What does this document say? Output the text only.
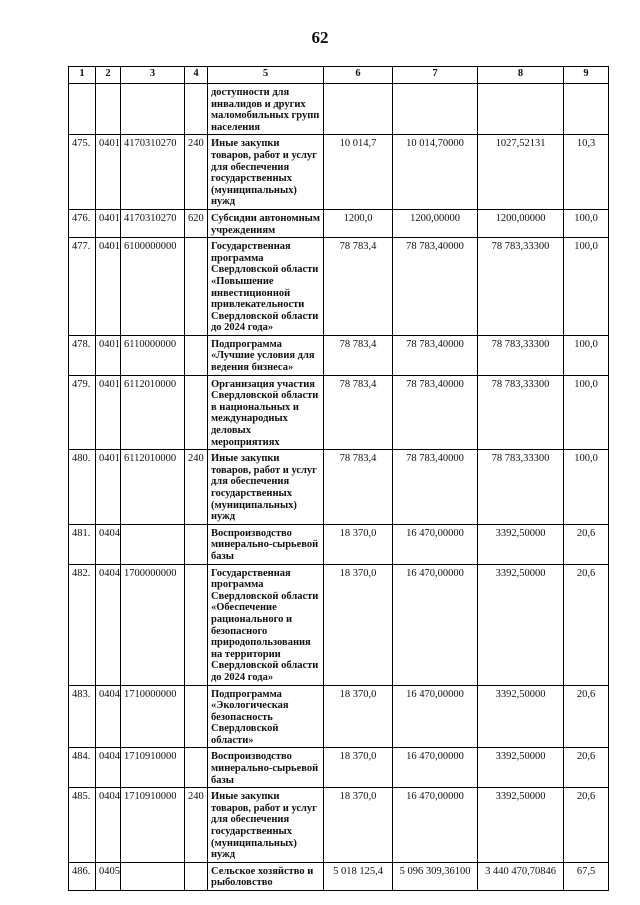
62
1	2	3	4	5	6	7	8	9
				доступности для инвалидов и других маломобильных групп населения				
475.	0401	4170310270	240	Иные закупки товаров, работ и услуг для обеспечения государственных (муниципальных) нужд	10 014,7	10 014,70000	1027,52131	10,3
476.	0401	4170310270	620	Субсидии автономным учреждениям	1200,0	1200,00000	1200,00000	100,0
477.	0401	6100000000		Государственная программа Свердловской области «Повышение инвестиционной привлекательности Свердловской области до 2024 года»	78 783,4	78 783,40000	78 783,33300	100,0
478.	0401	6110000000		Подпрограмма «Лучшие условия для ведения бизнеса»	78 783,4	78 783,40000	78 783,33300	100,0
479.	0401	6112010000		Организация участия Свердловской области в национальных и международных деловых мероприятиях	78 783,4	78 783,40000	78 783,33300	100,0
480.	0401	6112010000	240	Иные закупки товаров, работ и услуг для обеспечения государственных (муниципальных) нужд	78 783,4	78 783,40000	78 783,33300	100,0
481.	0404			Воспроизводство минерально-сырьевой базы	18 370,0	16 470,00000	3392,50000	20,6
482.	0404	1700000000		Государственная программа Свердловской области «Обеспечение рационального и безопасного природопользования на территории Свердловской области до 2024 года»	18 370,0	16 470,00000	3392,50000	20,6
483.	0404	1710000000		Подпрограмма «Экологическая безопасность Свердловской области»	18 370,0	16 470,00000	3392,50000	20,6
484.	0404	1710910000		Воспроизводство минерально-сырьевой базы	18 370,0	16 470,00000	3392,50000	20,6
485.	0404	1710910000	240	Иные закупки товаров, работ и услуг для обеспечения государственных (муниципальных) нужд	18 370,0	16 470,00000	3392,50000	20,6
486.	0405			Сельское хозяйство и рыболовство	5 018 125,4	5 096 309,36100	3 440 470,70846	67,5
